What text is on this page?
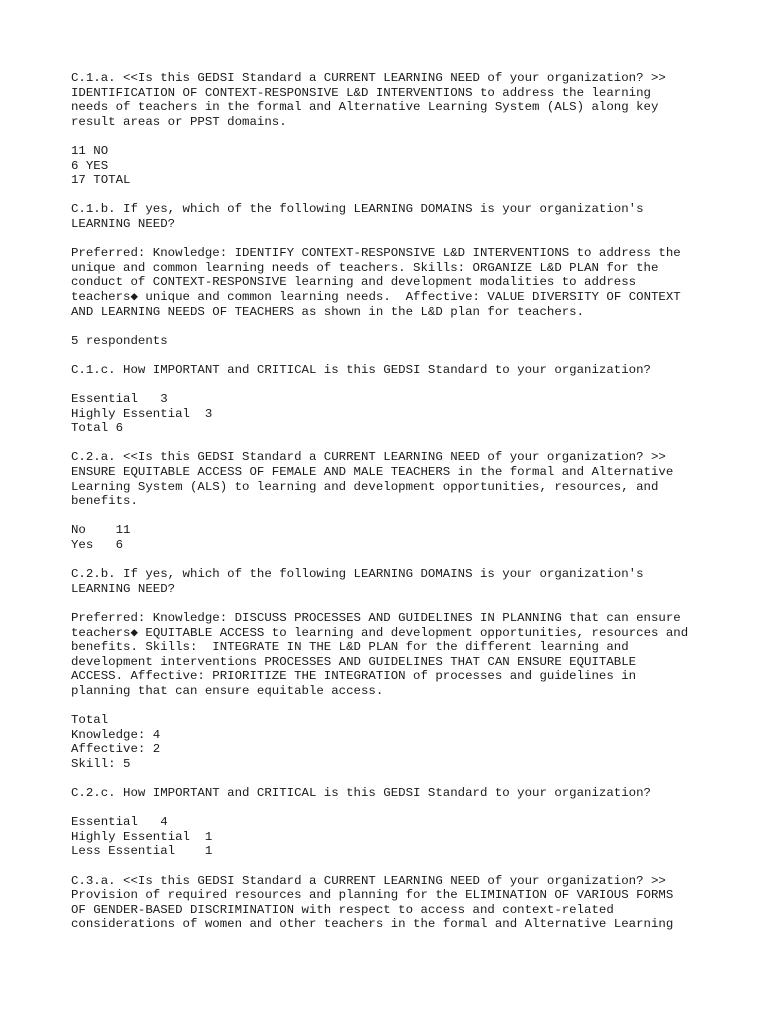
C.1.a. <<Is this GEDSI Standard a CURRENT LEARNING NEED of your organization? >>
IDENTIFICATION OF CONTEXT-RESPONSIVE L&D INTERVENTIONS to address the learning
needs of teachers in the formal and Alternative Learning System (ALS) along key
result areas or PPST domains.
11 NO
6 YES
17 TOTAL
C.1.b. If yes, which of the following LEARNING DOMAINS is your organization's
LEARNING NEED?
Preferred: Knowledge: IDENTIFY CONTEXT-RESPONSIVE L&D INTERVENTIONS to address the
unique and common learning needs of teachers. Skills: ORGANIZE L&D PLAN for the
conduct of CONTEXT-RESPONSIVE learning and development modalities to address
teachers◆ unique and common learning needs.  Affective: VALUE DIVERSITY OF CONTEXT
AND LEARNING NEEDS OF TEACHERS as shown in the L&D plan for teachers.
5 respondents
C.1.c. How IMPORTANT and CRITICAL is this GEDSI Standard to your organization?
Essential   3
Highly Essential  3
Total 6
C.2.a. <<Is this GEDSI Standard a CURRENT LEARNING NEED of your organization? >>
ENSURE EQUITABLE ACCESS OF FEMALE AND MALE TEACHERS in the formal and Alternative
Learning System (ALS) to learning and development opportunities, resources, and
benefits.
No    11
Yes   6
C.2.b. If yes, which of the following LEARNING DOMAINS is your organization's
LEARNING NEED?
Preferred: Knowledge: DISCUSS PROCESSES AND GUIDELINES IN PLANNING that can ensure
teachers◆ EQUITABLE ACCESS to learning and development opportunities, resources and
benefits. Skills:  INTEGRATE IN THE L&D PLAN for the different learning and
development interventions PROCESSES AND GUIDELINES THAT CAN ENSURE EQUITABLE
ACCESS. Affective: PRIORITIZE THE INTEGRATION of processes and guidelines in
planning that can ensure equitable access.
Total
Knowledge: 4
Affective: 2
Skill: 5
C.2.c. How IMPORTANT and CRITICAL is this GEDSI Standard to your organization?
Essential   4
Highly Essential  1
Less Essential    1
C.3.a. <<Is this GEDSI Standard a CURRENT LEARNING NEED of your organization? >>
Provision of required resources and planning for the ELIMINATION OF VARIOUS FORMS
OF GENDER-BASED DISCRIMINATION with respect to access and context-related
considerations of women and other teachers in the formal and Alternative Learning
